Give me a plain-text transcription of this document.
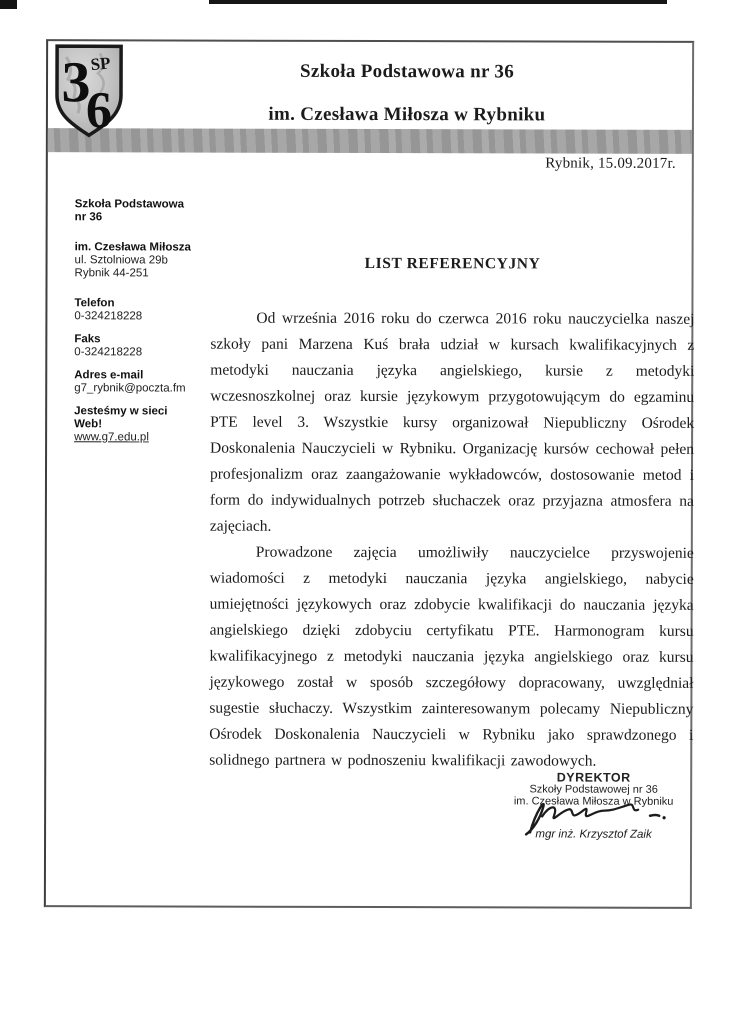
SP
3
6
Szkoła Podstawowa nr 36
im. Czesława Miłosza w Rybniku
Rybnik, 15.09.2017r.
Szkoła Podstawowa
nr 36
im. Czesława Miłosza
ul. Sztolniowa 29b
Rybnik 44-251
Telefon
0-324218228
Faks
0-324218228
Adres e-mail
g7_rybnik@poczta.fm
Jesteśmy w sieci
Web!
www.g7.edu.pl
LIST REFERENCYJNY

Od września 2016 roku do czerwca 2016 roku nauczycielka naszej szkoły pani Marzena Kuś brała udział w kursach kwalifikacyjnych z metodyki nauczania języka angielskiego, kursie z metodyki wczesnoszkolnej oraz kursie językowym przygotowującym do egzaminu PTE level 3. Wszystkie kursy organizował Niepubliczny Ośrodek Doskonalenia Nauczycieli w Rybniku. Organizację kursów cechował pełen profesjonalizm oraz zaangażowanie wykładowców, dostosowanie metod i form do indywidualnych potrzeb słuchaczek oraz przyjazna atmosfera na zajęciach.

Prowadzone zajęcia umożliwiły nauczycielce przyswojenie wiadomości z metodyki nauczania języka angielskiego, nabycie umiejętności językowych oraz zdobycie kwalifikacji do nauczania języka angielskiego dzięki zdobyciu certyfikatu PTE. Harmonogram kursu kwalifikacyjnego z metodyki nauczania języka angielskiego oraz kursu językowego został w sposób szczegółowy dopracowany, uwzględniał sugestie słuchaczy. Wszystkim zainteresowanym polecamy Niepubliczny Ośrodek Doskonalenia Nauczycieli w Rybniku jako sprawdzonego i solidnego partnera w podnoszeniu kwalifikacji zawodowych.

DYREKTOR
Szkoły Podstawowej nr 36
im. Czesława Miłosza w Rybniku
mgr inż. Krzysztof Zaik
